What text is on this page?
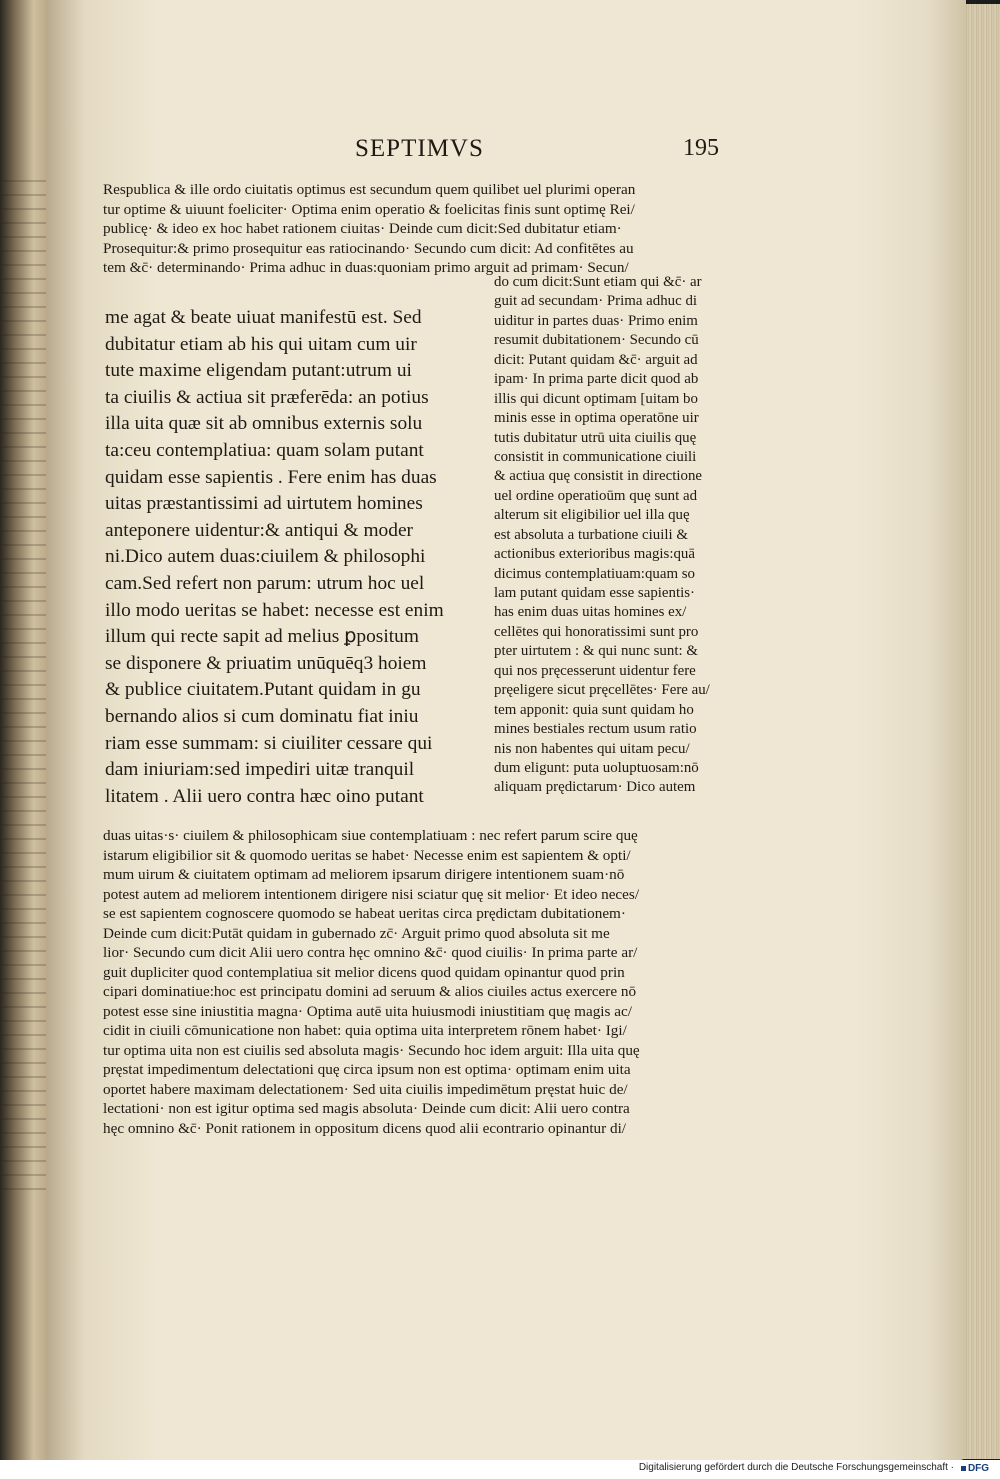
SEPTIMVS	195
Respublica & ille ordo ciuitatis optimus est secundum quem quilibet uel plurimi operan
tur optime & uiuunt foeliciter· Optima enim operatio & foelicitas finis sunt optimę Rei/
publicę· & ideo ex hoc habet rationem ciuitas· Deinde cum dicit:Sed dubitatur etiam·
Prosequitur:& primo prosequitur eas ratiocinando· Secundo cum dicit: Ad confitētes au
tem &c̄· determinando· Prima adhuc in duas:quoniam primo arguit ad primam· Secun/
me agat & beate uiuat manifestū est. Sed
dubitatur etiam ab his qui uitam cum uir
tute maxime eligendam putant:utrum ui
ta ciuilis & actiua sit præferēda: an potius
illa uita quæ sit ab omnibus externis solu
ta:ceu contemplatiua: quam solam putant
quidam esse sapientis . Fere enim has duas
uitas præstantissimi ad uirtutem homines
anteponere uidentur:& antiqui & moder
ni.Dico autem duas:ciuilem & philosophi
cam.Sed refert non parum: utrum hoc uel
illo modo ueritas se habet: necesse est enim
illum qui recte sapit ad melius ꝑpositum
se disponere & priuatim unūquēq3 hoiem
& publice ciuitatem.Putant quidam in gu
bernando alios si cum dominatu fiat iniu
riam esse summam: si ciuiliter cessare qui
dam iniuriam:sed impediri uitæ tranquil
litatem . Alii uero contra hæc oino putant
do cum dicit:Sunt etiam qui &c̄· ar
guit ad secundam· Prima adhuc di
uiditur in partes duas· Primo enim
resumit dubitationem· Secundo cū
dicit: Putant quidam &c̄· arguit ad
ipam· In prima parte dicit quod ab
illis qui dicunt optimam [uitam bo
minis esse in optima operatōne uir
tutis dubitatur utrū uita ciuilis quę
consistit in communicatione ciuili
& actiua quę consistit in directione
uel ordine operatioūm quę sunt ad
alterum sit eligibilior uel illa quę
est absoluta a turbatione ciuili &
actionibus exterioribus magis:quā
dicimus contemplatiuam:quam so
lam putant quidam esse sapientis·
has enim duas uitas homines ex/
cellētes qui honoratissimi sunt pro
pter uirtutem : & qui nunc sunt: &
qui nos pręcesserunt uidentur fere
pręeligere sicut pręcellētes· Fere au/
tem apponit: quia sunt quidam ho
mines bestiales rectum usum ratio
nis non habentes qui uitam pecu/
dum eligunt: puta uoluptuosam:nō
aliquam prędictarum· Dico autem
duas uitas·s· ciuilem & philosophicam siue contemplatiuam : nec refert parum scire quę
istarum eligibilior sit & quomodo ueritas se habet· Necesse enim est sapientem & opti/
mum uirum & ciuitatem optimam ad meliorem ipsarum dirigere intentionem suam·nō
potest autem ad meliorem intentionem dirigere nisi sciatur quę sit melior· Et ideo neces/
se est sapientem cognoscere quomodo se habeat ueritas circa prędictam dubitationem·
Deinde cum dicit:Putāt quidam in gubernado zc̄· Arguit primo quod absoluta sit me
lior· Secundo cum dicit Alii uero contra hęc omnino &c̄· quod ciuilis· In prima parte ar/
guit dupliciter quod contemplatiua sit melior dicens quod quidam opinantur quod prin
cipari dominatiue:hoc est principatu domini ad seruum & alios ciuiles actus exercere nō
potest esse sine iniustitia magna· Optima autē uita huiusmodi iniustitiam quę magis ac/
cidit in ciuili cōmunicatione non habet: quia optima uita interpretem rōnem habet· Igi/
tur optima uita non est ciuilis sed absoluta magis· Secundo hoc idem arguit: Illa uita quę
pręstat impedimentum delectationi quę circa ipsum non est optima· optimam enim uita
oportet habere maximam delectationem· Sed uita ciuilis impedimētum pręstat huic de/
lectationi· non est igitur optima sed magis absoluta· Deinde cum dicit: Alii uero contra
hęc omnino &c̄· Ponit rationem in oppositum dicens quod alii econtrario opinantur di/
Digitalisierung gefördert durch die Deutsche Forschungsgemeinschaft ·	DFG
